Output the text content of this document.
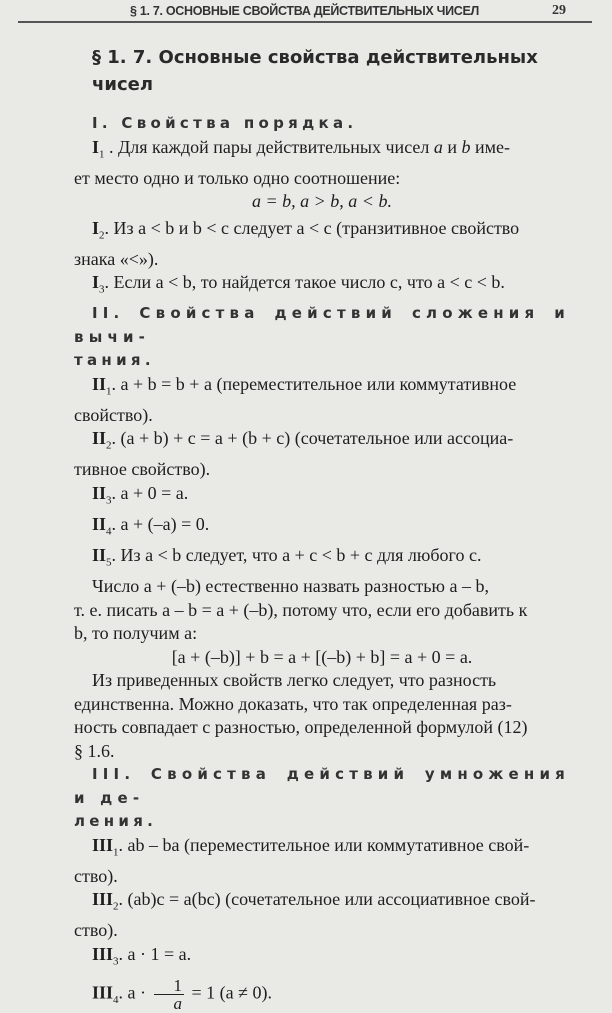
§ 1. 7. ОСНОВНЫЕ СВОЙСТВА ДЕЙСТВИТЕЛЬНЫХ ЧИСЕЛ	29
§ 1. 7. Основные свойства действительных
чисел

I. Свойства порядка.

$I_1$ . Для каждой пары действительных чисел a и b име-

ет место одно и только одно соотношение:

a = b, a > b, a < b.

$I_2$. Из a < b и b < c следует a < c (транзитивное свойство

знака «<»).

$I_3$. Если a < b, то найдется такое число c, что a < c < b.

II. Свойства действий сложения и вычи-

тания.

$II_1$. a + b = b + a (переместительное или коммутативное

свойство).

$II_2$. (a + b) + c = a + (b + c) (сочетательное или ассоциа-

тивное свойство).

$II_3$. a + 0 = a.

$II_4$. a + (–a) = 0.

$II_5$. Из a < b следует, что a + c < b + c для любого c.

Число a + (–b) естественно назвать разностью a – b,

т. е. писать a – b = a + (–b), потому что, если его добавить к

b, то получим a:

[a + (–b)] + b = a + [(–b) + b] = a + 0 = a.

Из приведенных свойств легко следует, что разность

единственна. Можно доказать, что так определенная раз-

ность совпадает с разностью, определенной формулой (12)

§ 1.6.

III. Свойства действий умножения и де-

ления.

$III_1$. ab – ba (переместительное или коммутативное свой-

ство).

$III_2$. (ab)c = a(bc) (сочетательное или ассоциативное свой-

ство).

$III_3$. a · 1 = a.

$III_4$. $a \cdot \frac{1}{a} = 1$ (a ≠ 0).
